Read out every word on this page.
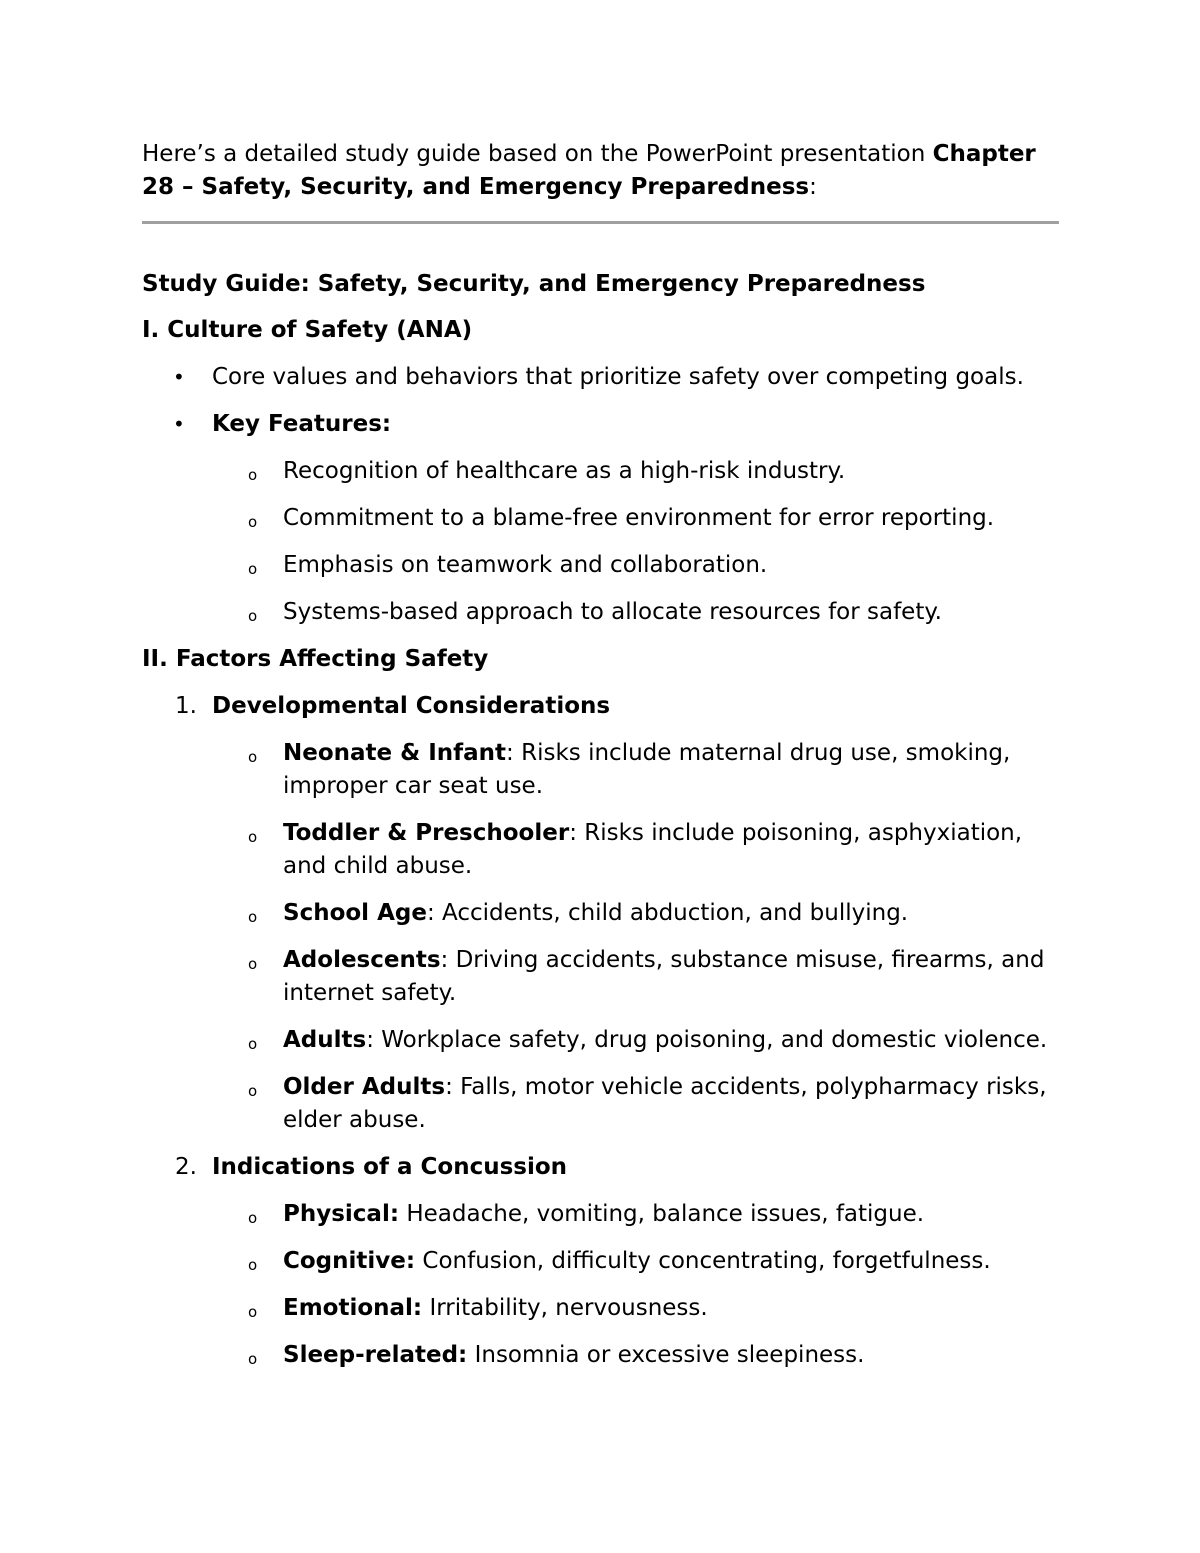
Here’s a detailed study guide based on the PowerPoint presentation Chapter 28 – Safety, Security, and Emergency Preparedness:

Study Guide: Safety, Security, and Emergency Preparedness

I. Culture of Safety (ANA)

• Core values and behaviors that prioritize safety over competing goals.
• Key Features:
o Recognition of healthcare as a high-risk industry.
o Commitment to a blame-free environment for error reporting.
o Emphasis on teamwork and collaboration.
o Systems-based approach to allocate resources for safety.

II. Factors Affecting Safety

1. Developmental Considerations
o Neonate & Infant: Risks include maternal drug use, smoking, improper car seat use.
o Toddler & Preschooler: Risks include poisoning, asphyxiation, and child abuse.
o School Age: Accidents, child abduction, and bullying.
o Adolescents: Driving accidents, substance misuse, firearms, and internet safety.
o Adults: Workplace safety, drug poisoning, and domestic violence.
o Older Adults: Falls, motor vehicle accidents, polypharmacy risks, elder abuse.
2. Indications of a Concussion
o Physical: Headache, vomiting, balance issues, fatigue.
o Cognitive: Confusion, difficulty concentrating, forgetfulness.
o Emotional: Irritability, nervousness.
o Sleep-related: Insomnia or excessive sleepiness.
